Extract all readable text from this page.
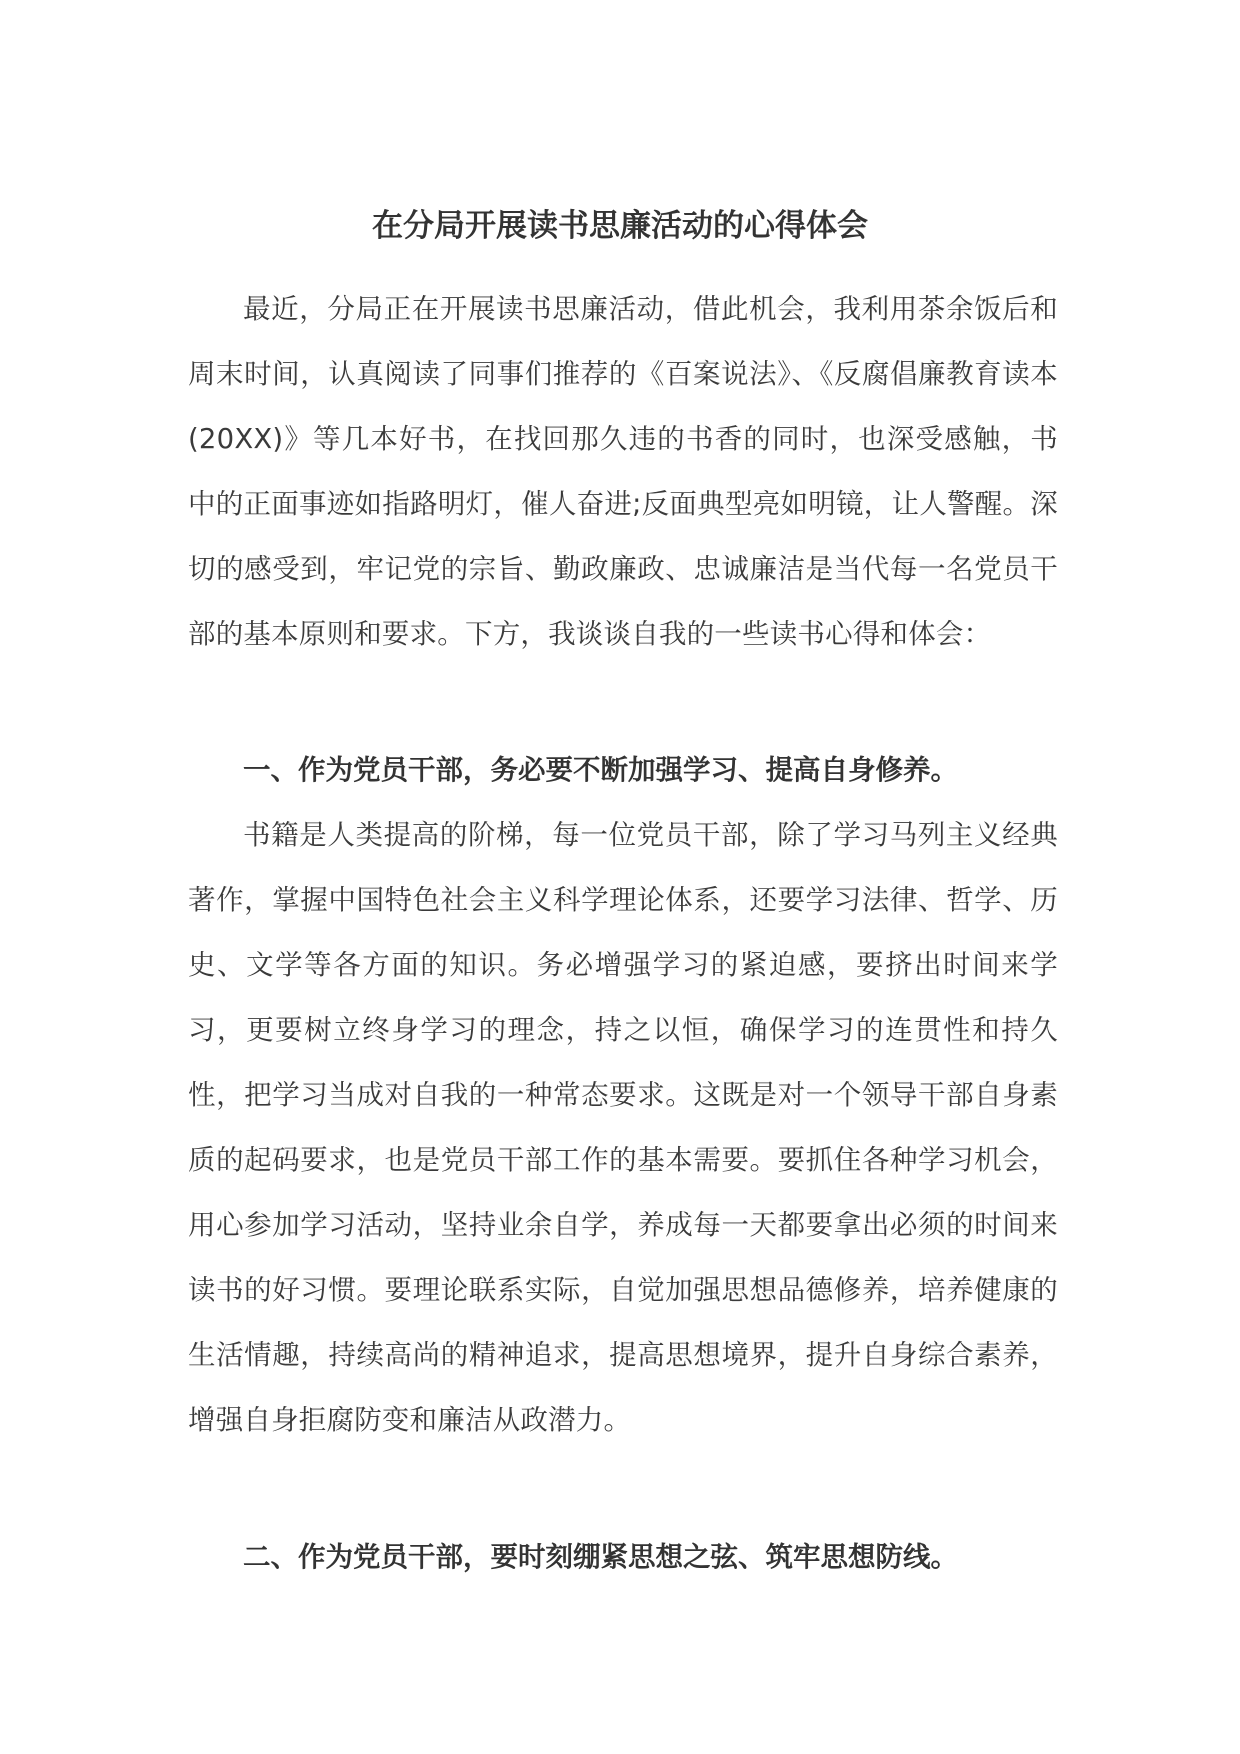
在分局开展读书思廉活动的心得体会

最近，分局正在开展读书思廉活动，借此机会，我利用茶余饭后和周末时间，认真阅读了同事们推荐的《百案说法》、《反腐倡廉教育读本(20XX)》等几本好书，在找回那久违的书香的同时，也深受感触，书中的正面事迹如指路明灯，催人奋进;反面典型亮如明镜，让人警醒。深切的感受到，牢记党的宗旨、勤政廉政、忠诚廉洁是当代每一名党员干部的基本原则和要求。下方，我谈谈自我的一些读书心得和体会：

一、作为党员干部，务必要不断加强学习、提高自身修养。

书籍是人类提高的阶梯，每一位党员干部，除了学习马列主义经典著作，掌握中国特色社会主义科学理论体系，还要学习法律、哲学、历史、文学等各方面的知识。务必增强学习的紧迫感，要挤出时间来学习，更要树立终身学习的理念，持之以恒，确保学习的连贯性和持久性，把学习当成对自我的一种常态要求。这既是对一个领导干部自身素质的起码要求，也是党员干部工作的基本需要。要抓住各种学习机会，用心参加学习活动，坚持业余自学，养成每一天都要拿出必须的时间来读书的好习惯。要理论联系实际，自觉加强思想品德修养，培养健康的生活情趣，持续高尚的精神追求，提高思想境界，提升自身综合素养，增强自身拒腐防变和廉洁从政潜力。

二、作为党员干部，要时刻绷紧思想之弦、筑牢思想防线。
